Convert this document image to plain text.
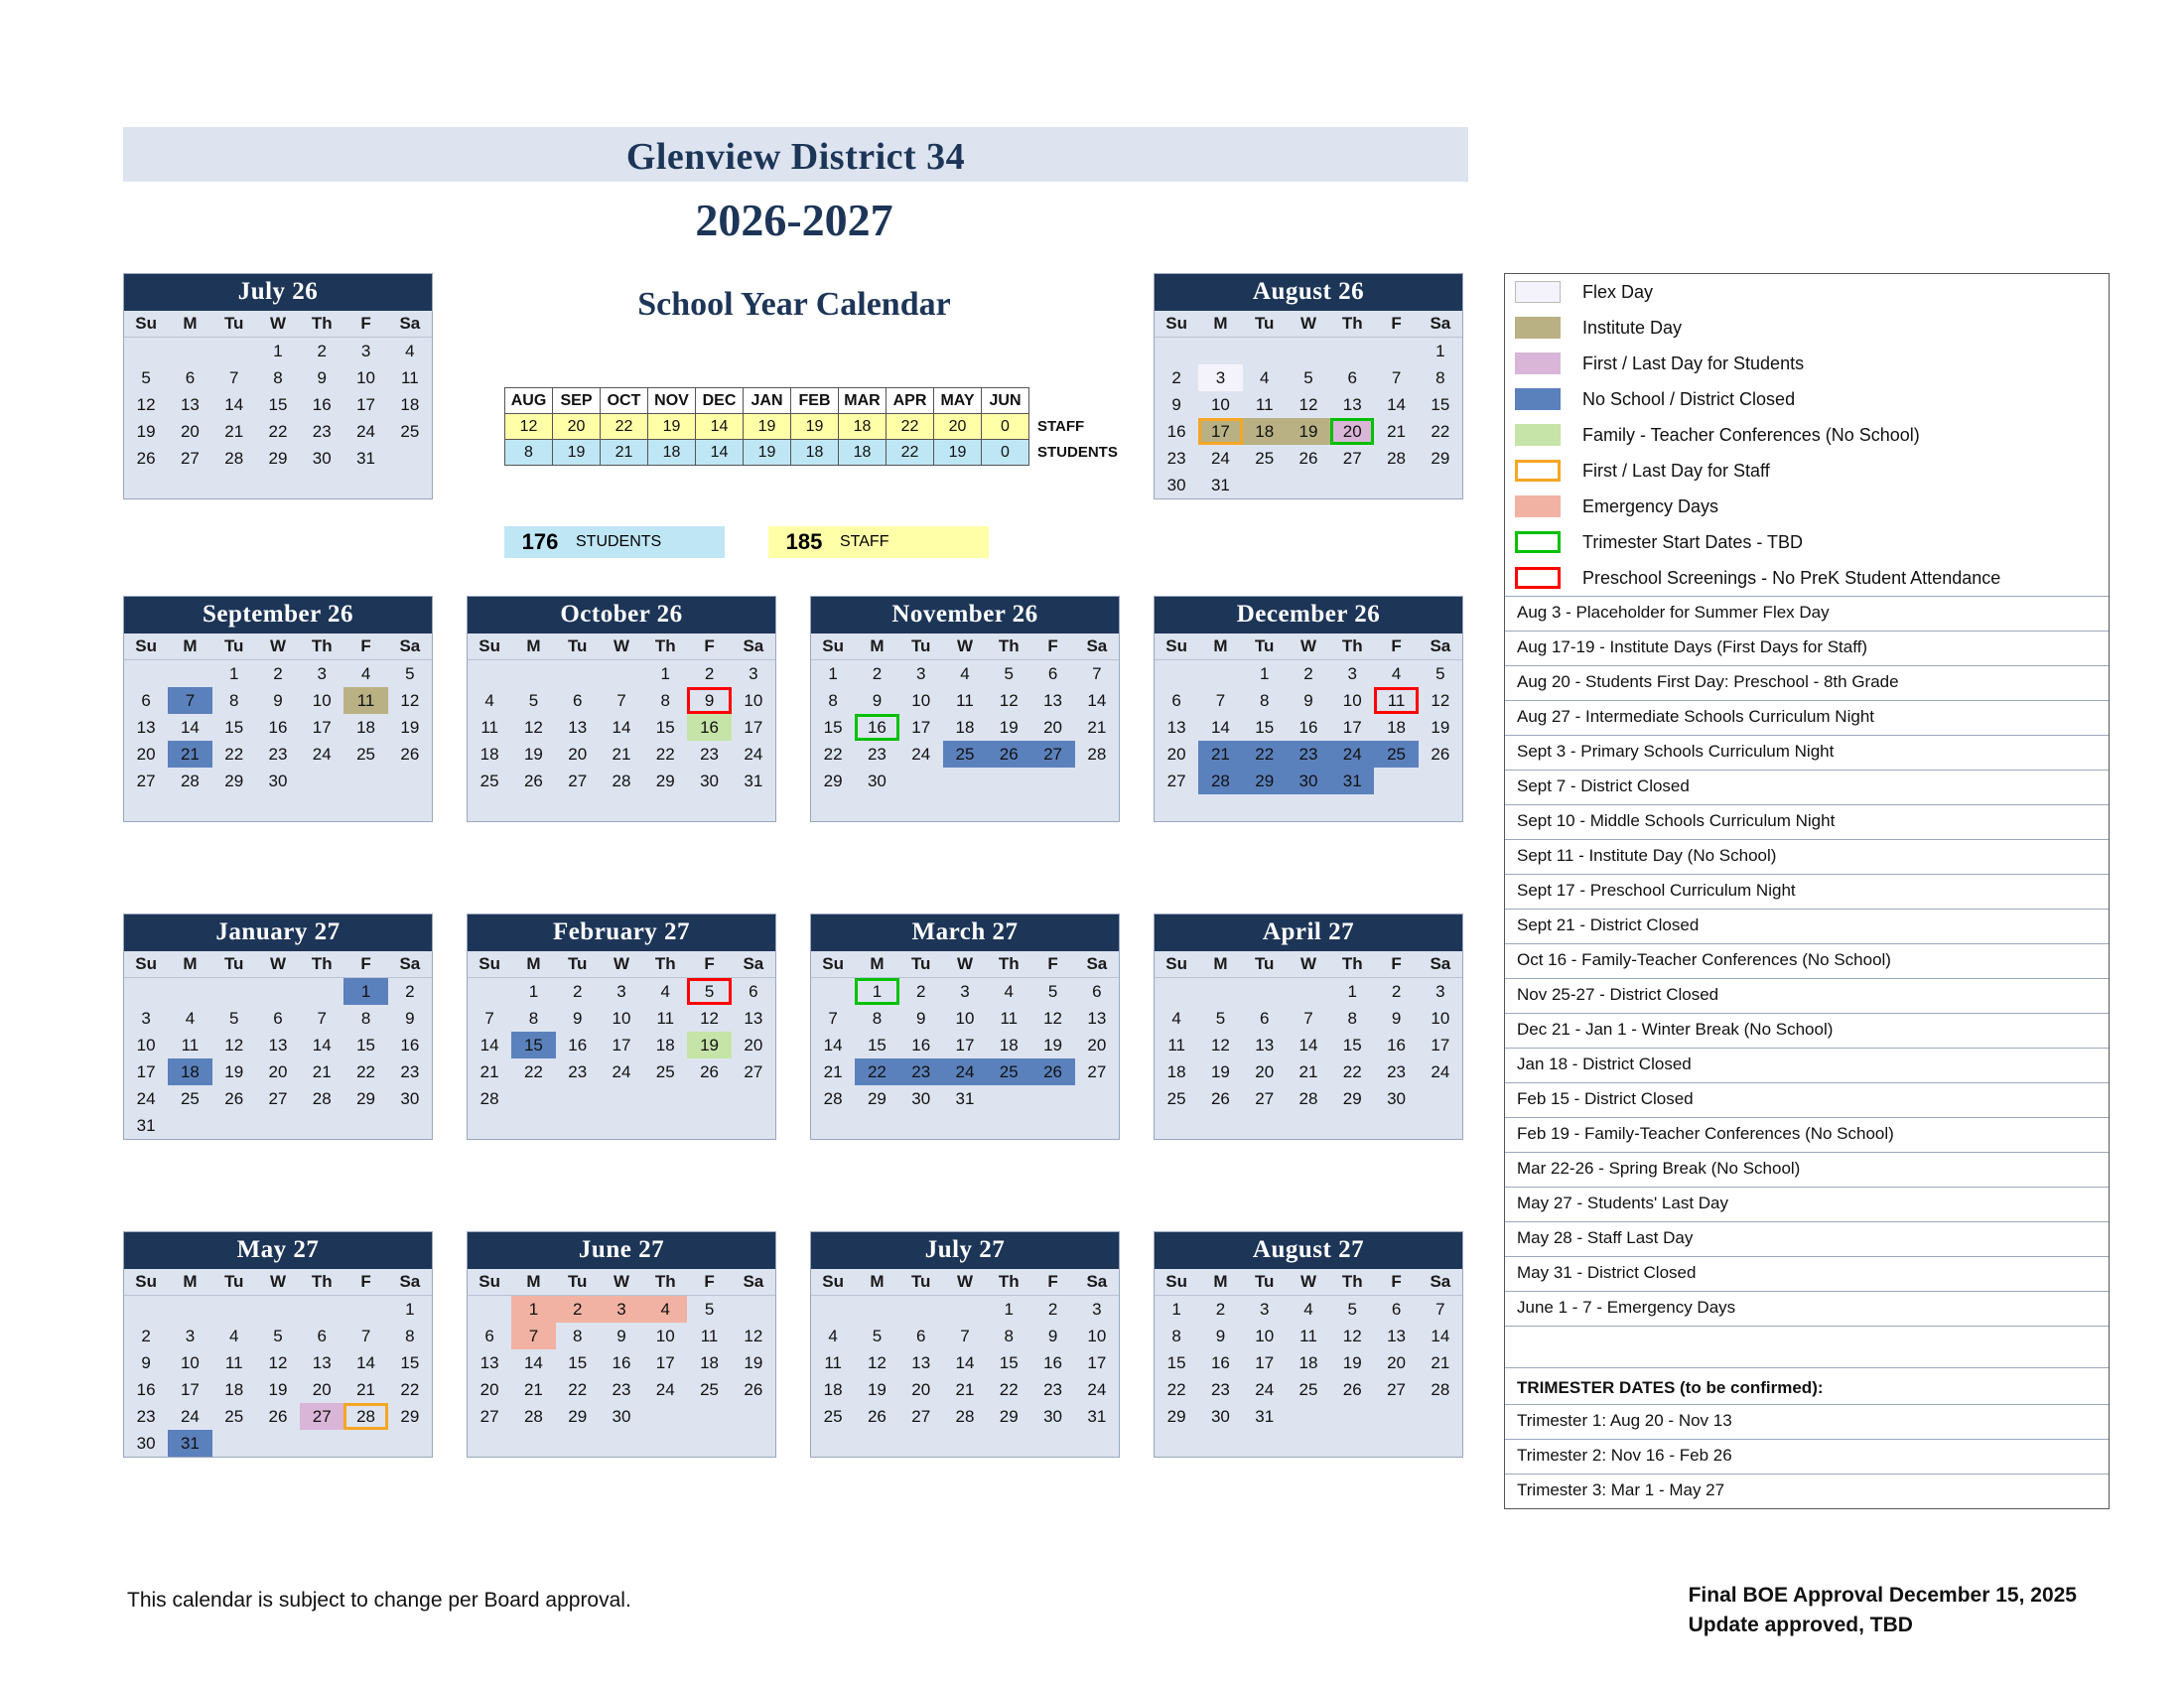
Glenview District 34
2026-2027
School Year Calendar
AUG	SEP	OCT	NOV	DEC	JAN	FEB	MAR	APR	MAY	JUN	
12	20	22	19	14	19	19	18	22	20	0	STAFF
8	19	21	18	14	19	18	18	22	19	0	STUDENTS
176	STUDENTS	185	STAFF
July 26
Su	M	Tu	W	Th	F	Sa

			1	2	3	4

5	6	7	8	9	10	11

12	13	14	15	16	17	18

19	20	21	22	23	24	25

26	27	28	29	30	31	

August 26
Su	M	Tu	W	Th	F	Sa

						1

2	3	4	5	6	7	8

9	10	11	12	13	14	15

16	17	18	19	20	21	22

23	24	25	26	27	28	29

30	31					

September 26
Su	M	Tu	W	Th	F	Sa

		1	2	3	4	5

6	7	8	9	10	11	12

13	14	15	16	17	18	19

20	21	22	23	24	25	26

27	28	29	30			

October 26
Su	M	Tu	W	Th	F	Sa

				1	2	3

4	5	6	7	8	9	10

11	12	13	14	15	16	17

18	19	20	21	22	23	24

25	26	27	28	29	30	31

November 26
Su	M	Tu	W	Th	F	Sa

1	2	3	4	5	6	7

8	9	10	11	12	13	14

15	16	17	18	19	20	21

22	23	24	25	26	27	28

29	30					

December 26
Su	M	Tu	W	Th	F	Sa

		1	2	3	4	5

6	7	8	9	10	11	12

13	14	15	16	17	18	19

20	21	22	23	24	25	26

27	28	29	30	31		

January 27
Su	M	Tu	W	Th	F	Sa

					1	2

3	4	5	6	7	8	9

10	11	12	13	14	15	16

17	18	19	20	21	22	23

24	25	26	27	28	29	30

31						

February 27
Su	M	Tu	W	Th	F	Sa

	1	2	3	4	5	6

7	8	9	10	11	12	13

14	15	16	17	18	19	20

21	22	23	24	25	26	27

28						

March 27
Su	M	Tu	W	Th	F	Sa

	1	2	3	4	5	6

7	8	9	10	11	12	13

14	15	16	17	18	19	20

21	22	23	24	25	26	27

28	29	30	31			

April 27
Su	M	Tu	W	Th	F	Sa

				1	2	3

4	5	6	7	8	9	10

11	12	13	14	15	16	17

18	19	20	21	22	23	24

25	26	27	28	29	30	

May 27
Su	M	Tu	W	Th	F	Sa

						1

2	3	4	5	6	7	8

9	10	11	12	13	14	15

16	17	18	19	20	21	22

23	24	25	26	27	28	29

30	31					

June 27
Su	M	Tu	W	Th	F	Sa

	1	2	3	4	5	

6	7	8	9	10	11	12

13	14	15	16	17	18	19

20	21	22	23	24	25	26

27	28	29	30			

July 27
Su	M	Tu	W	Th	F	Sa

				1	2	3

4	5	6	7	8	9	10

11	12	13	14	15	16	17

18	19	20	21	22	23	24

25	26	27	28	29	30	31

August 27
Su	M	Tu	W	Th	F	Sa

1	2	3	4	5	6	7

8	9	10	11	12	13	14

15	16	17	18	19	20	21

22	23	24	25	26	27	28

29	30	31				

Flex Day
Institute Day
First / Last Day for Students
No School / District Closed
Family - Teacher Conferences (No School)
First / Last Day for Staff
Emergency Days
Trimester Start Dates - TBD
Preschool Screenings - No PreK Student Attendance
Aug 3 - Placeholder for Summer Flex Day
Aug 17-19 - Institute Days (First Days for Staff)
Aug 20 - Students First Day: Preschool - 8th Grade
Aug 27 - Intermediate Schools Curriculum Night
Sept 3 - Primary Schools Curriculum Night
Sept 7 - District Closed
Sept 10 - Middle Schools Curriculum Night
Sept 11 - Institute Day (No School)
Sept 17 - Preschool Curriculum Night
Sept 21 - District Closed
Oct 16 - Family-Teacher Conferences (No School)
Nov 25-27 - District Closed
Dec 21 - Jan 1 - Winter Break (No School)
Jan 18 - District Closed
Feb 15 - District Closed
Feb 19 - Family-Teacher Conferences (No School)
Mar 22-26 - Spring Break (No School)
May 27 - Students' Last Day
May 28 - Staff Last Day
May 31 - District Closed
June 1 - 7 - Emergency Days
TRIMESTER DATES (to be confirmed):
Trimester 1: Aug 20 - Nov 13
Trimester 2: Nov 16 - Feb 26
Trimester 3: Mar 1 - May 27
This calendar is subject to change per Board approval.	Final BOE Approval December 15, 2025
Update approved, TBD
